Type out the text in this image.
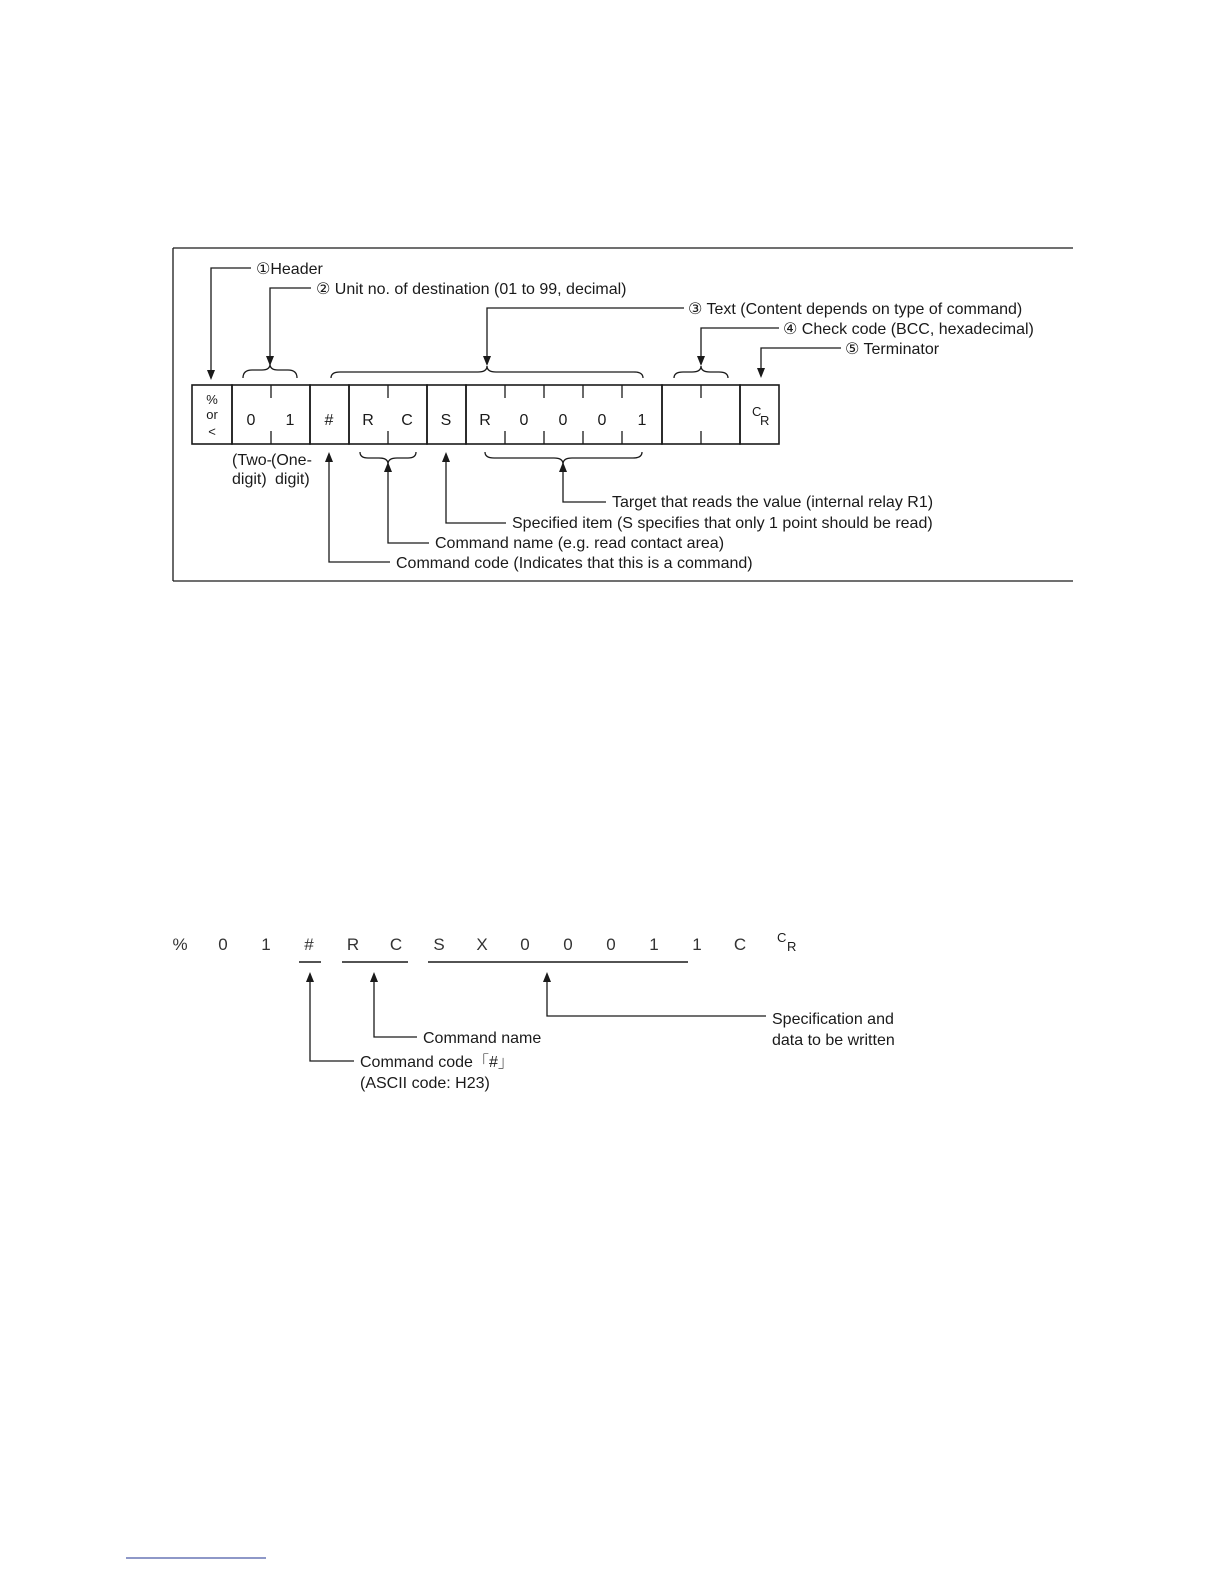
①Header
② Unit no. of destination (01 to 99, decimal)
③ Text (Content depends on type of command)
④ Check code (BCC, hexadecimal)
⑤ Terminator
%
or
<
0 1 # R C S R 0 0 0 1
C
R
(Two-
digit)
(One-
digit)
Target that reads the value (internal relay R1)
Specified item (S specifies that only 1 point should be read)
Command name (e.g. read contact area)
Command code (Indicates that this is a command)
% 0 1 # R C S X 0 0 0 1 1 C C
R
Command name
Command code「#」
(ASCII code: H23)
Specification and
data to be written
